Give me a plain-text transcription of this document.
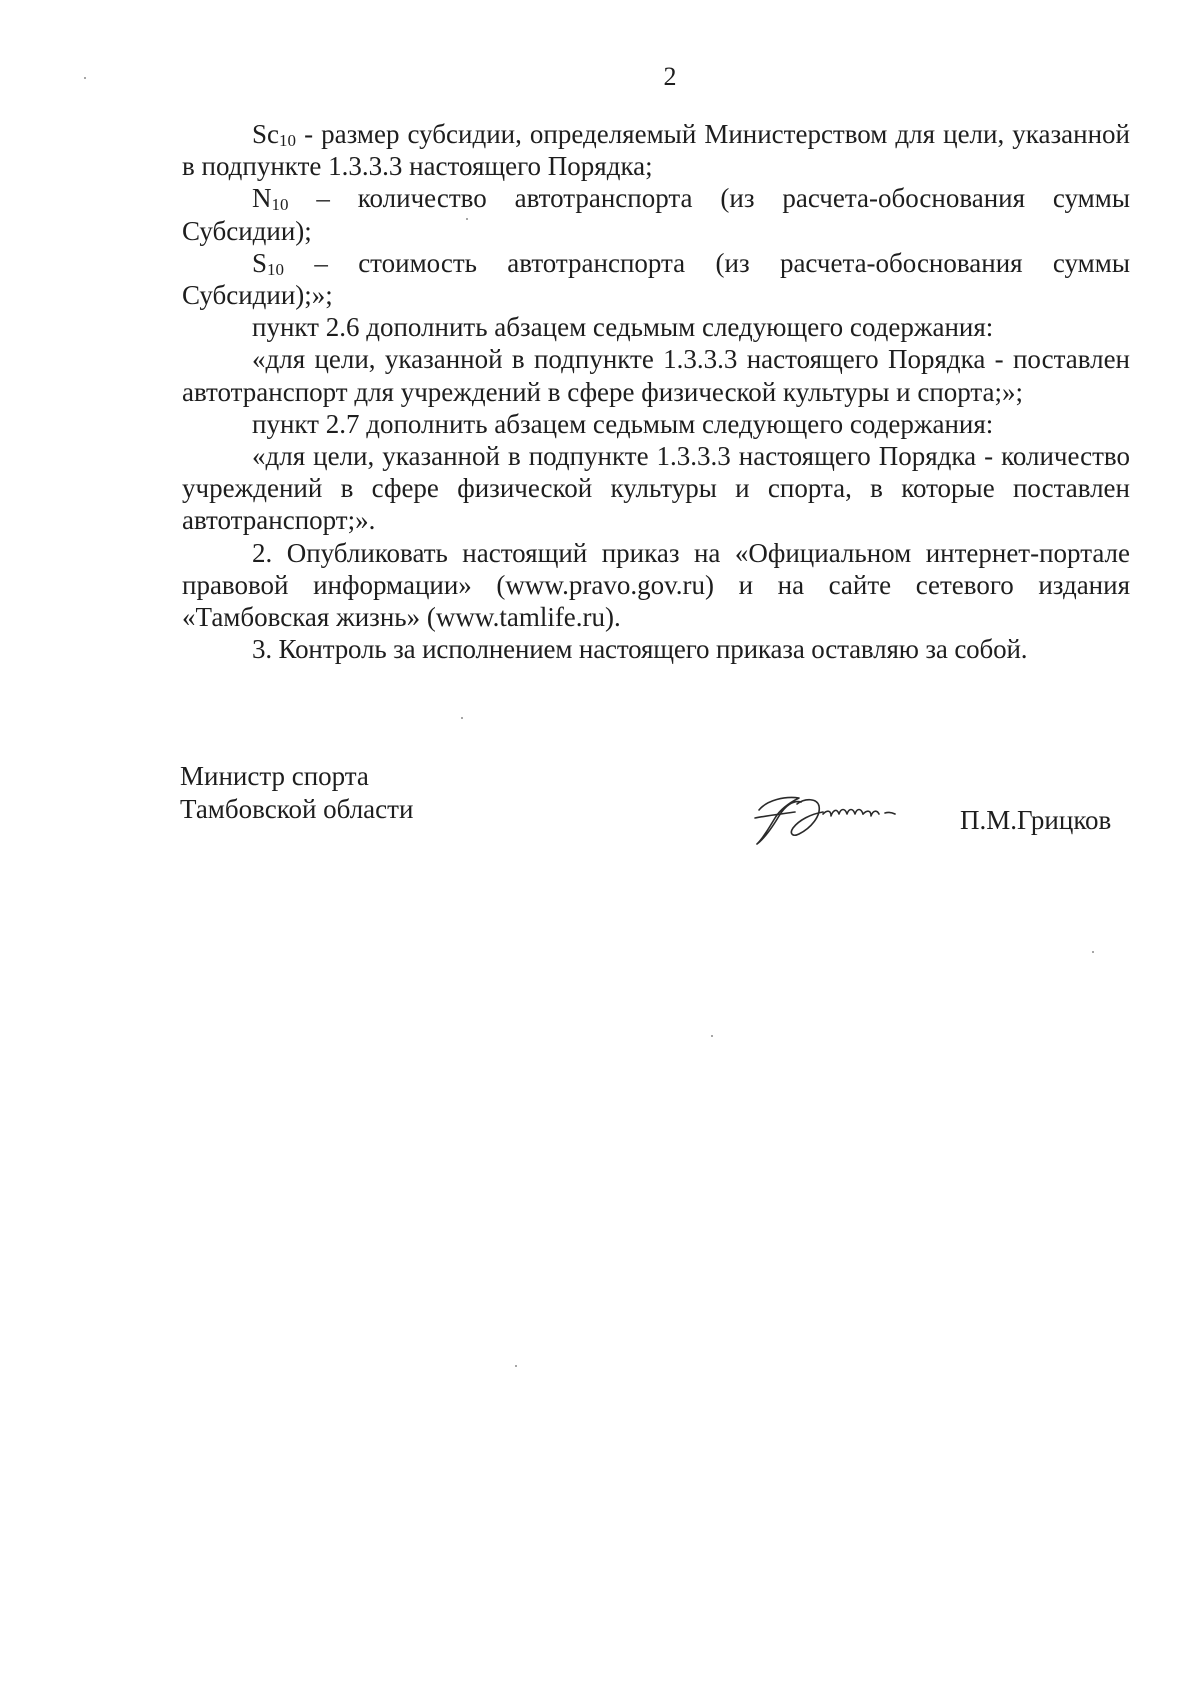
2

Sc10 - размер субсидии, определяемый Министерством для цели, указанной в подпункте 1.3.3.3 настоящего Порядка;

N10 – количество автотранспорта (из расчета-обоснования суммы Субсидии);

S10 – стоимость автотранспорта (из расчета-обоснования суммы Субсидии);»;

пункт 2.6 дополнить абзацем седьмым следующего содержания:

«для цели, указанной в подпункте 1.3.3.3 настоящего Порядка - поставлен автотранспорт для учреждений в сфере физической культуры и спорта;»;

пункт 2.7 дополнить абзацем седьмым следующего содержания:

«для цели, указанной в подпункте 1.3.3.3 настоящего Порядка - количество учреждений в сфере физической культуры и спорта, в которые поставлен автотранспорт;».

2. Опубликовать настоящий приказ на «Официальном интернет-портале правовой информации» (www.pravo.gov.ru) и на сайте сетевого издания «Тамбовская жизнь» (www.tamlife.ru).

3. Контроль за исполнением настоящего приказа оставляю за собой.

Министр спорта
Тамбовской области	П.М.Грицков
